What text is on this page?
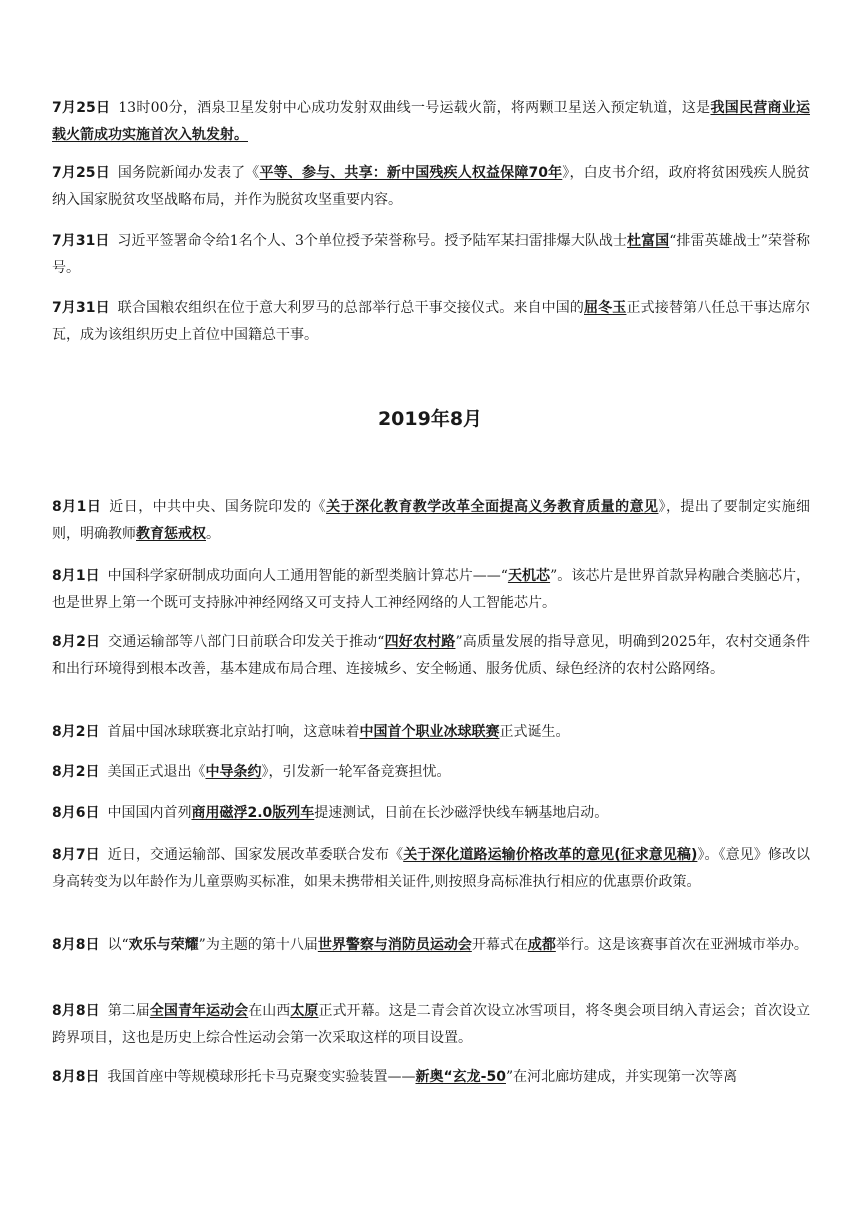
7月25日 13时00分，酒泉卫星发射中心成功发射双曲线一号运载火箭，将两颗卫星送入预定轨道，这是我国民营商业运载火箭成功实施首次入轨发射。

7月25日 国务院新闻办发表了《平等、参与、共享：新中国残疾人权益保障70年》，白皮书介绍，政府将贫困残疾人脱贫纳入国家脱贫攻坚战略布局，并作为脱贫攻坚重要内容。

7月31日 习近平签署命令给1名个人、3个单位授予荣誉称号。授予陆军某扫雷排爆大队战士杜富国“排雷英雄战士”荣誉称号。

7月31日 联合国粮农组织在位于意大利罗马的总部举行总干事交接仪式。来自中国的屈冬玉正式接替第八任总干事达席尔瓦，成为该组织历史上首位中国籍总干事。

2019年8月

8月1日 近日，中共中央、国务院印发的《关于深化教育教学改革全面提高义务教育质量的意见》，提出了要制定实施细则，明确教师教育惩戒权。

8月1日 中国科学家研制成功面向人工通用智能的新型类脑计算芯片——“天机芯”。该芯片是世界首款异构融合类脑芯片，也是世界上第一个既可支持脉冲神经网络又可支持人工神经网络的人工智能芯片。

8月2日 交通运输部等八部门日前联合印发关于推动“四好农村路”高质量发展的指导意见，明确到2025年，农村交通条件和出行环境得到根本改善，基本建成布局合理、连接城乡、安全畅通、服务优质、绿色经济的农村公路网络。

8月2日 首届中国冰球联赛北京站打响，这意味着中国首个职业冰球联赛正式诞生。

8月2日 美国正式退出《中导条约》，引发新一轮军备竞赛担忧。

8月6日 中国国内首列商用磁浮2.0版列车提速测试，日前在长沙磁浮快线车辆基地启动。

8月7日 近日，交通运输部、国家发展改革委联合发布《关于深化道路运输价格改革的意见(征求意见稿)》。《意见》修改以身高转变为以年龄作为儿童票购买标准，如果未携带相关证件,则按照身高标准执行相应的优惠票价政策。

8月8日 以“欢乐与荣耀”为主题的第十八届世界警察与消防员运动会开幕式在成都举行。这是该赛事首次在亚洲城市举办。

8月8日 第二届全国青年运动会在山西太原正式开幕。这是二青会首次设立冰雪项目，将冬奥会项目纳入青运会；首次设立跨界项目，这也是历史上综合性运动会第一次采取这样的项目设置。

8月8日 我国首座中等规模球形托卡马克聚变实验装置——新奥“玄龙-50”在河北廊坊建成，并实现第一次等离
